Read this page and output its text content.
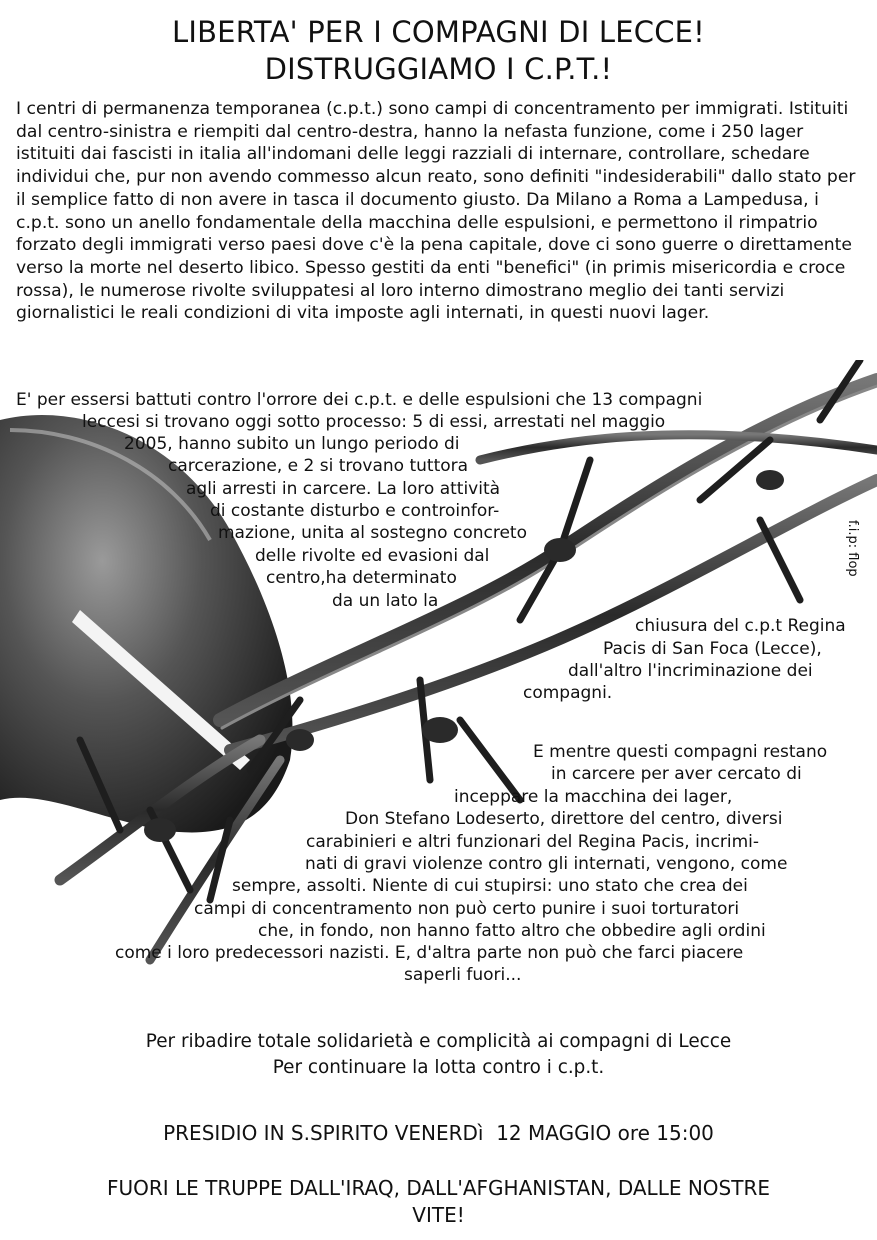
LIBERTA' PER I COMPAGNI DI LECCE!
DISTRUGGIAMO I C.P.T.!

I centri di permanenza temporanea (c.p.t.) sono campi di concentramento per immigrati. Istituiti dal centro-sinistra e riempiti dal centro-destra, hanno la nefasta funzione, come i 250 lager istituiti dai fascisti in italia all'indomani delle leggi razziali di internare, controllare, schedare individui che, pur non avendo commesso alcun reato, sono definiti "indesiderabili" dallo stato per il semplice fatto di non avere in tasca il documento giusto. Da Milano a Roma a Lampedusa, i c.p.t. sono un anello fondamentale della macchina delle espulsioni, e permettono il rimpatrio forzato degli immigrati verso paesi dove c'è la pena capitale, dove ci sono guerre o direttamente verso la morte nel deserto libico. Spesso gestiti da enti "benefici" (in primis misericordia e croce rossa), le numerose rivolte sviluppatesi al loro interno dimostrano meglio dei tanti servizi giornalistici le reali condizioni di vita imposte agli internati, in questi nuovi lager.

E' per essersi battuti contro l'orrore dei c.p.t. e delle espulsioni che 13 compagni
leccesi si trovano oggi sotto processo: 5 di essi, arrestati nel maggio
2005, hanno subito un lungo periodo di
carcerazione, e 2 si trovano tuttora
agli arresti in carcere. La loro attività
di costante disturbo e controinfor-
mazione, unita al sostegno concreto
delle rivolte ed evasioni dal
centro,ha determinato
da un lato la
chiusura del c.p.t Regina
Pacis di San Foca (Lecce),
dall'altro l'incriminazione dei
compagni.
E mentre questi compagni restano
in carcere per aver cercato di
inceppare la macchina dei lager,
Don Stefano Lodeserto, direttore del centro, diversi
carabinieri e altri funzionari del Regina Pacis, incrimi-
nati di gravi violenze contro gli internati, vengono, come
sempre, assolti. Niente di cui stupirsi: uno stato che crea dei
campi di concentramento non può certo punire i suoi torturatori
che, in fondo, non hanno fatto altro che obbedire agli ordini
come i loro predecessori nazisti. E, d'altra parte non può che farci piacere
saperli fuori...
f.i.p: flop
Per ribadire totale solidarietà e complicità ai compagni di Lecce
Per continuare la lotta contro i c.p.t.
PRESIDIO IN S.SPIRITO VENERDì  12 MAGGIO ore 15:00
FUORI LE TRUPPE DALL'IRAQ, DALL'AFGHANISTAN, DALLE NOSTRE
VITE!
